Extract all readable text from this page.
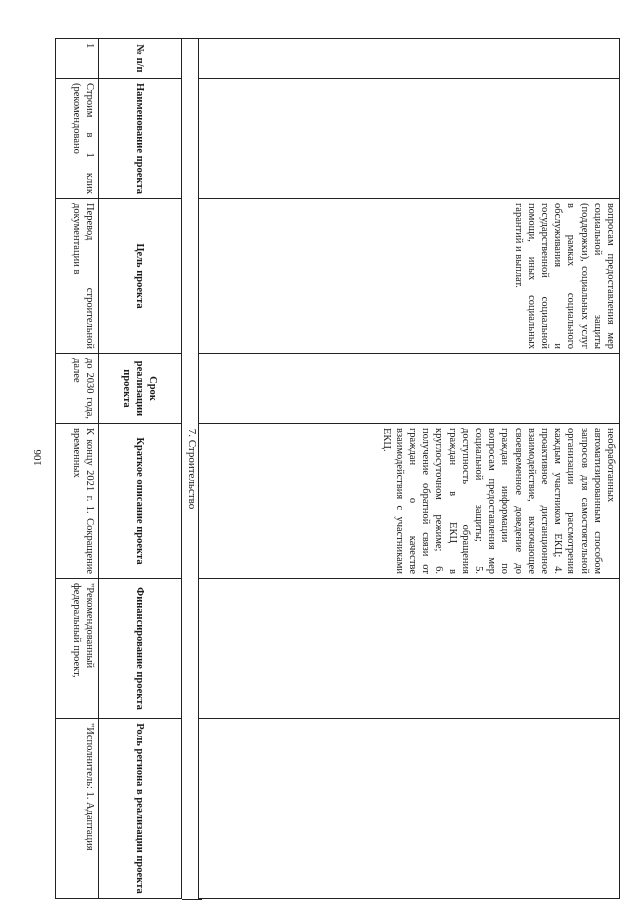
106
		вопросам предоставления мер социальной защиты (поддержки), социальных услуг в рамках социального обслуживания и государственной социальной помощи, иных социальных гарантий и выплат.		необработанных автоматизированным способом запросов для самостоятельной организации рассмотрения каждым участником ЕКЦ; 4. проактивное дистанционное взаимодействие, включающее своевременное доведение до граждан информации по вопросам предоставления мер социальной защиты; 5. доступность обращения граждан в ЕКЦ в круглосуточном режиме; 6. получение обратной связи от граждан о качестве взаимодействия с участниками ЕКЦ.		
7. Строительство
№ п/п	Наименование проекта	Цель проекта	Срок реализации проекта	Краткое описание проекта	Финансирование проекта	Роль региона в реализации проекта
1	Строим в 1 клик (рекомендовано	Перевод строительной документации в	до 2030 года, далее	К концу 2021 г. 1. Сокращение временных	"Рекомендованный федеральный проект,	"Исполнитель: 1. Адаптация
